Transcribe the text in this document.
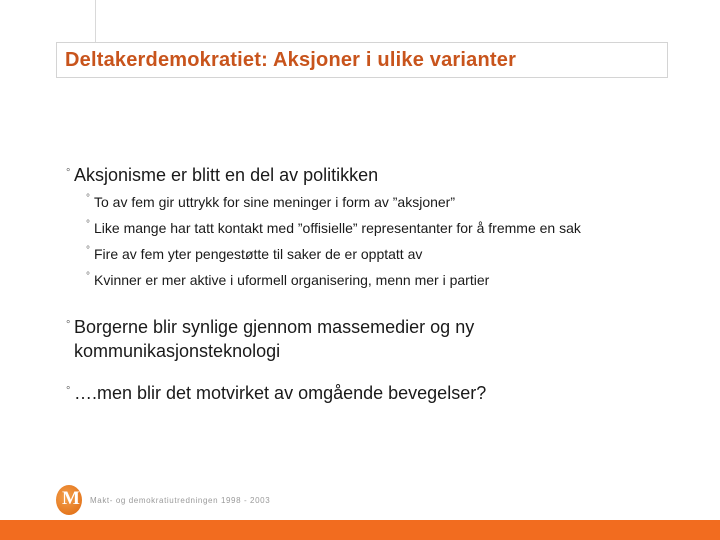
Deltakerdemokratiet: Aksjoner i ulike varianter
° Aksjonisme er blitt en del av politikken
° To av fem gir uttrykk for sine meninger i form av ”aksjoner”
° Like mange har tatt kontakt med ”offisielle” representanter for å fremme en sak
° Fire av fem yter pengestøtte til saker de er opptatt av
° Kvinner er mer aktive i uformell organisering, menn mer i partier
° Borgerne blir synlige gjennom massemedier og ny kommunikasjonsteknologi
° ….men blir det motvirket av omgående bevegelser?
M Makt- og demokratiutredningen 1998 - 2003
